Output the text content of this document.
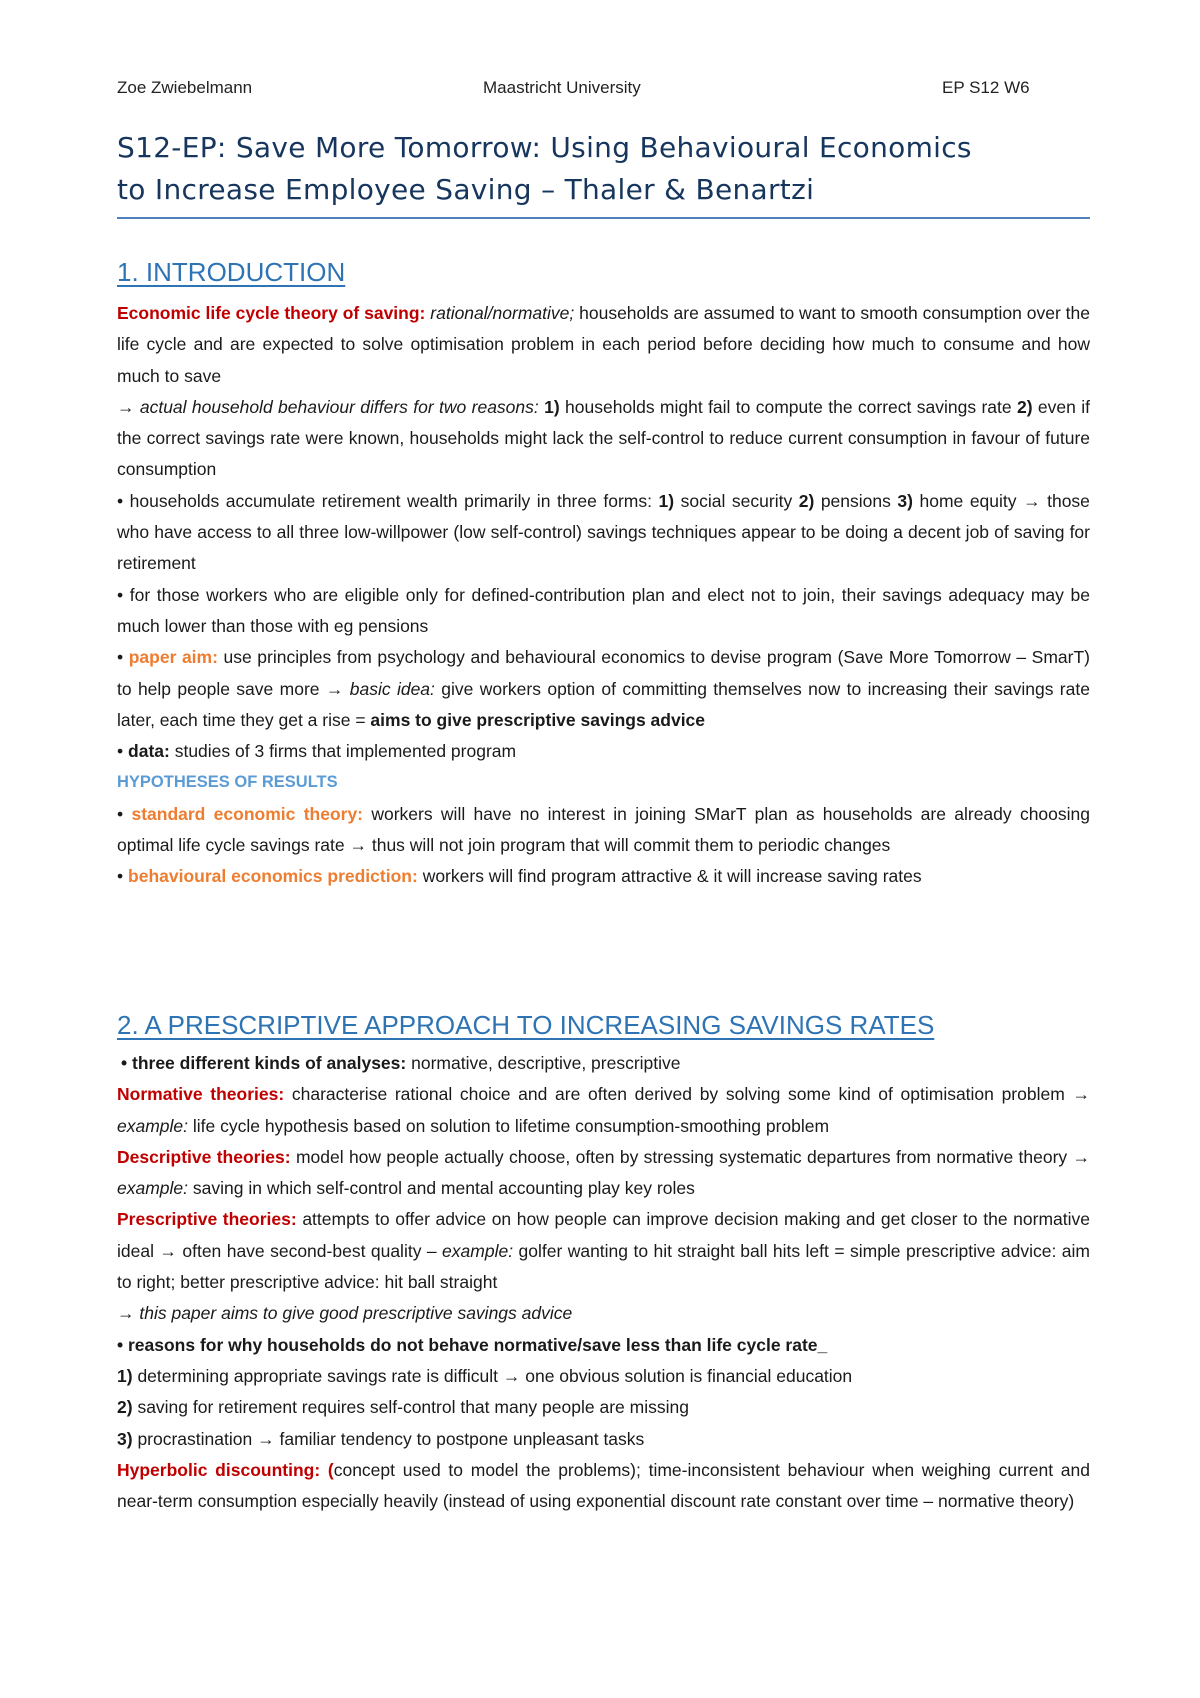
Zoe Zwiebelmann	Maastricht University	EP S12 W6
S12-EP: Save More Tomorrow: Using Behavioural Economics
to Increase Employee Saving – Thaler & Benartzi
1. INTRODUCTION

Economic life cycle theory of saving: rational/normative; households are assumed to want to smooth consumption over the life cycle and are expected to solve optimisation problem in each period before deciding how much to consume and how much to save

→ actual household behaviour differs for two reasons: 1) households might fail to compute the correct savings rate 2) even if the correct savings rate were known, households might lack the self-control to reduce current consumption in favour of future consumption

• households accumulate retirement wealth primarily in three forms: 1) social security 2) pensions 3) home equity → those who have access to all three low-willpower (low self-control) savings techniques appear to be doing a decent job of saving for retirement

• for those workers who are eligible only for defined-contribution plan and elect not to join, their savings adequacy may be much lower than those with eg pensions

• paper aim: use principles from psychology and behavioural economics to devise program (Save More Tomorrow – SmarT) to help people save more → basic idea: give workers option of committing themselves now to increasing their savings rate later, each time they get a rise = aims to give prescriptive savings advice

• data: studies of 3 firms that implemented program

HYPOTHESES OF RESULTS

• standard economic theory: workers will have no interest in joining SMarT plan as households are already choosing optimal life cycle savings rate → thus will not join program that will commit them to periodic changes

• behavioural economics prediction: workers will find program attractive & it will increase saving rates

2. A PRESCRIPTIVE APPROACH TO INCREASING SAVINGS RATES

• three different kinds of analyses: normative, descriptive, prescriptive

Normative theories: characterise rational choice and are often derived by solving some kind of optimisation problem → example: life cycle hypothesis based on solution to lifetime consumption-smoothing problem

Descriptive theories: model how people actually choose, often by stressing systematic departures from normative theory → example: saving in which self-control and mental accounting play key roles

Prescriptive theories: attempts to offer advice on how people can improve decision making and get closer to the normative ideal → often have second-best quality – example: golfer wanting to hit straight ball hits left = simple prescriptive advice: aim to right; better prescriptive advice: hit ball straight

→ this paper aims to give good prescriptive savings advice

• reasons for why households do not behave normative/save less than life cycle rate_

1) determining appropriate savings rate is difficult → one obvious solution is financial education

2) saving for retirement requires self-control that many people are missing

3) procrastination → familiar tendency to postpone unpleasant tasks

Hyperbolic discounting: (concept used to model the problems); time-inconsistent behaviour when weighing current and near-term consumption especially heavily (instead of using exponential discount rate constant over time – normative theory)
